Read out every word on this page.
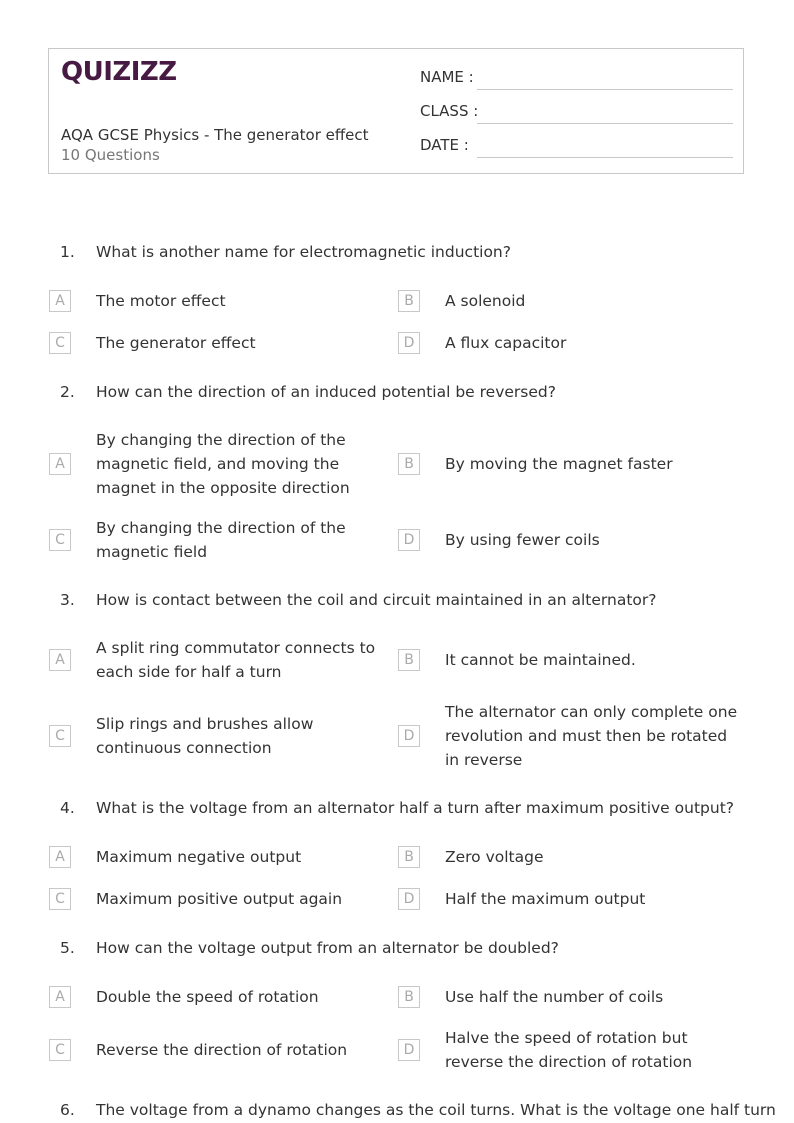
QUIZIZZ
AQA GCSE Physics - The generator effect
10 Questions
NAME :
CLASS :
DATE :
1.	What is another name for electromagnetic induction?
A	The motor effect	B	A solenoid
C	The generator effect	D	A flux capacitor
2.	How can the direction of an induced potential be reversed?
A
By changing the direction of the magnetic field, and moving the magnet in the opposite direction
B	By moving the magnet faster
C
By changing the direction of the magnetic field
D	By using fewer coils
3.	How is contact between the coil and circuit maintained in an alternator?
A
A split ring commutator connects to each side for half a turn
B	It cannot be maintained.
C
Slip rings and brushes allow continuous connection
D
The alternator can only complete one revolution and must then be rotated in reverse
4.	What is the voltage from an alternator half a turn after maximum positive output?
A	Maximum negative output	B	Zero voltage
C	Maximum positive output again	D	Half the maximum output
5.	How can the voltage output from an alternator be doubled?
A	Double the speed of rotation	B	Use half the number of coils
C	Reverse the direction of rotation	D
Halve the speed of rotation but reverse the direction of rotation
6.	The voltage from a dynamo changes as the coil turns. What is the voltage one half turn
